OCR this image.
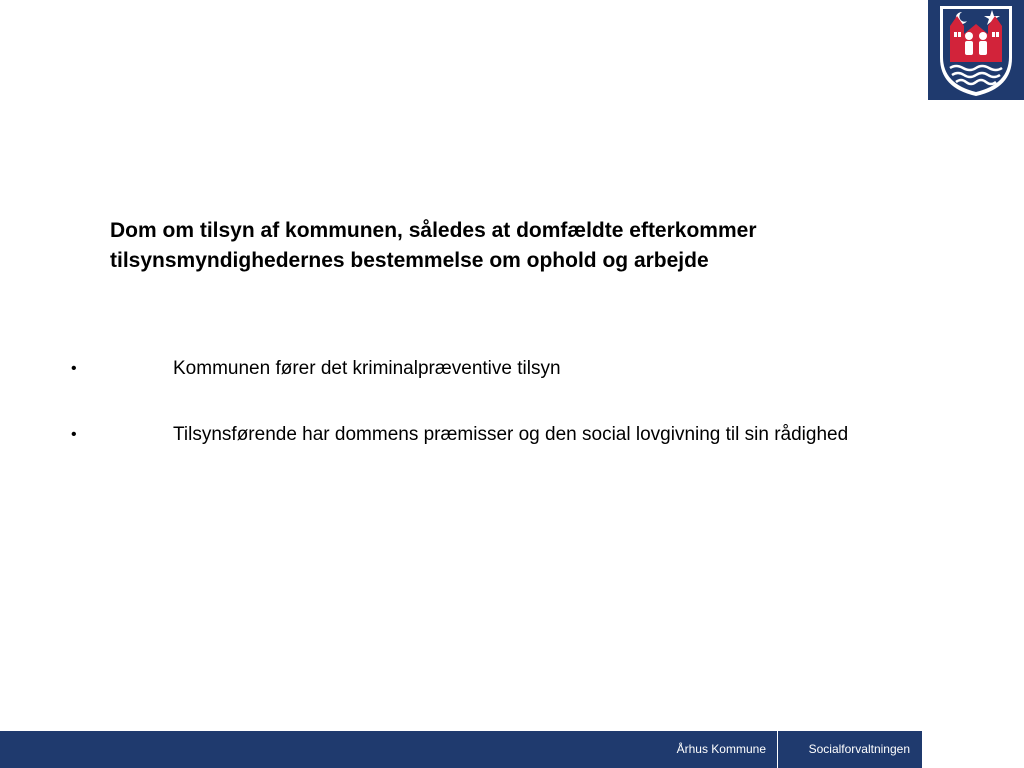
Dom om tilsyn af kommunen, således at domfældte efterkommer tilsynsmyndighedernes bestemmelse om ophold og arbejde
•	Kommunen fører det kriminalpræventive tilsyn
•	Tilsynsførende har dommens præmisser og den social lovgivning til sin rådighed
Århus Kommune	Socialforvaltningen
